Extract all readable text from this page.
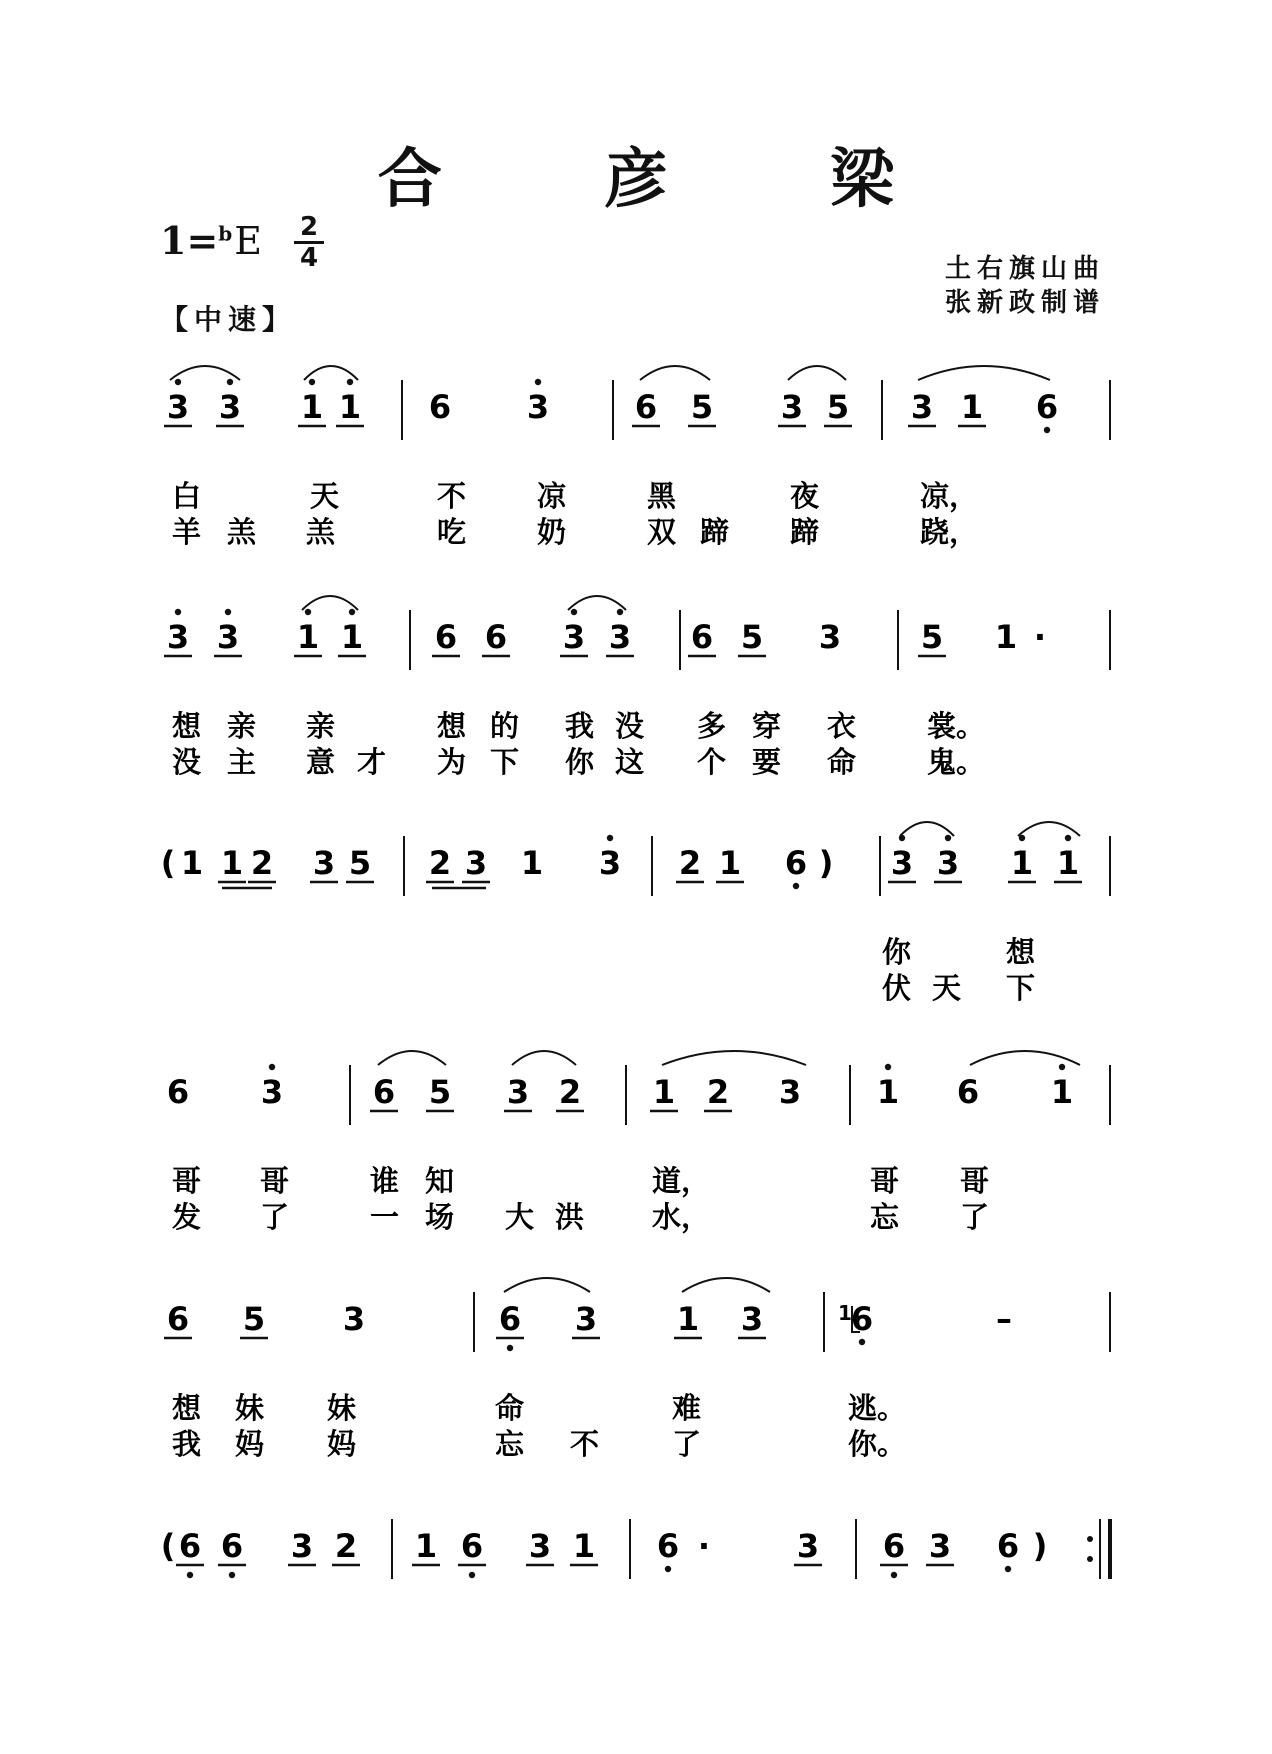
合 彦 梁
1=$^b$E	2
4
【中速】
土右旗山曲
张新政制谱
3 3 1 1 6 3	6 5 3 5 3 1 6
白	天	不 凉	黑	夜	凉，
羊 羔 羔	吃 奶	双 蹄 蹄	跷，
3 3 1 1 6 6 3 3 6 5 3 5 1 ·
想 亲 亲	想 的 我 没 多 穿 衣 裳。
没 主 意 才 为 下 你 这 个 要 命 鬼。
( 1 1 2 3 5 2 3 1 3 2 1 6 ) 3 3 1 1
你	想
伏 天 下
6 3	6 5 3 2 1 2 3 1 6 1
哥 哥	谁 知	道，	哥 哥
发 了	一 场 大 洪 水，	忘 了
6 5 3	6 3 1 3	6	–
1
想 妹 妹	命	难	逃。
我 妈 妈	忘 不	了	你。
( 6 6 3 2 1 6 3 1 6 ·	3 6 3 6 )
